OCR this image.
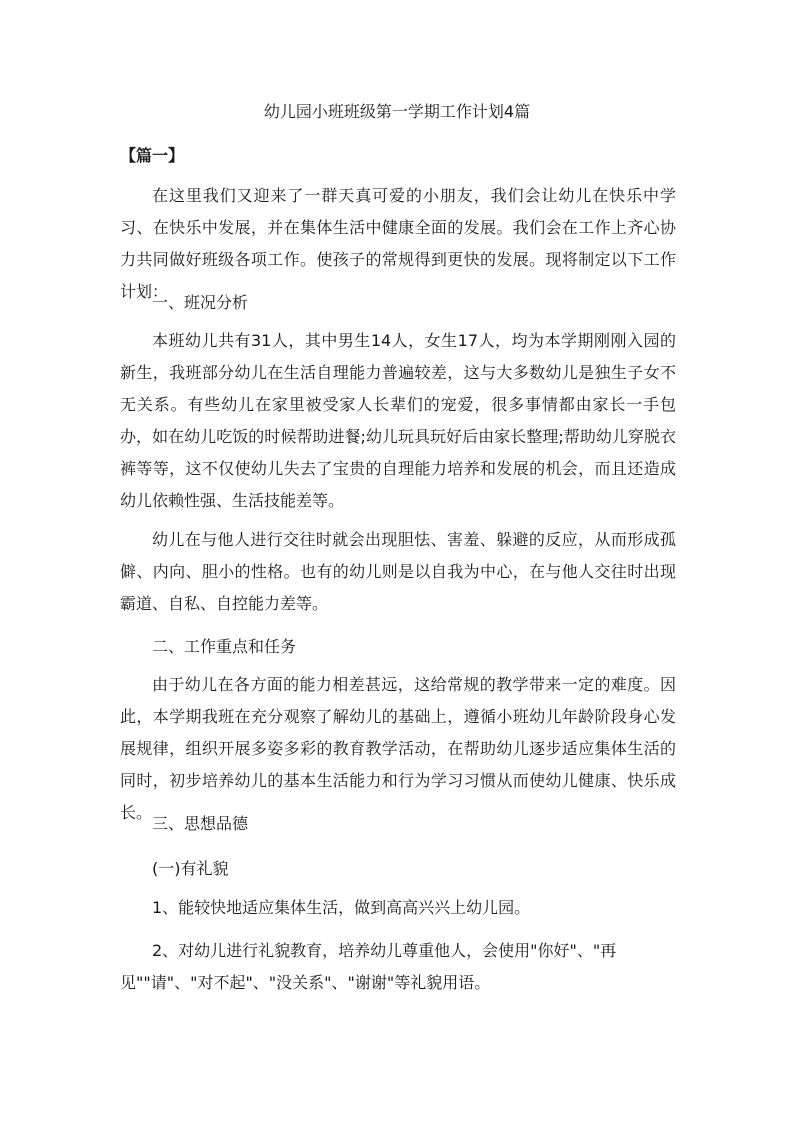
幼儿园小班班级第一学期工作计划4篇
【篇一】

在这里我们又迎来了一群天真可爱的小朋友，我们会让幼儿在快乐中学习、在快乐中发展，并在集体生活中健康全面的发展。我们会在工作上齐心协力共同做好班级各项工作。使孩子的常规得到更快的发展。现将制定以下工作计划：

一、班况分析

本班幼儿共有31人，其中男生14人，女生17人，均为本学期刚刚入园的新生，我班部分幼儿在生活自理能力普遍较差，这与大多数幼儿是独生子女不无关系。有些幼儿在家里被受家人长辈们的宠爱，很多事情都由家长一手包办，如在幼儿吃饭的时候帮助进餐;幼儿玩具玩好后由家长整理;帮助幼儿穿脱衣裤等等，这不仅使幼儿失去了宝贵的自理能力培养和发展的机会，而且还造成幼儿依赖性强、生活技能差等。

幼儿在与他人进行交往时就会出现胆怯、害羞、躲避的反应，从而形成孤僻、内向、胆小的性格。也有的幼儿则是以自我为中心，在与他人交往时出现霸道、自私、自控能力差等。

二、工作重点和任务

由于幼儿在各方面的能力相差甚远，这给常规的教学带来一定的难度。因此，本学期我班在充分观察了解幼儿的基础上，遵循小班幼儿年龄阶段身心发展规律，组织开展多姿多彩的教育教学活动，在帮助幼儿逐步适应集体生活的同时，初步培养幼儿的基本生活能力和行为学习习惯从而使幼儿健康、快乐成长。

三、思想品德
(一)有礼貌

1、能较快地适应集体生活，做到高高兴兴上幼儿园。

2、对幼儿进行礼貌教育，培养幼儿尊重他人，会使用"你好"、"再见""请"、"对不起"、"没关系"、"谢谢"等礼貌用语。
